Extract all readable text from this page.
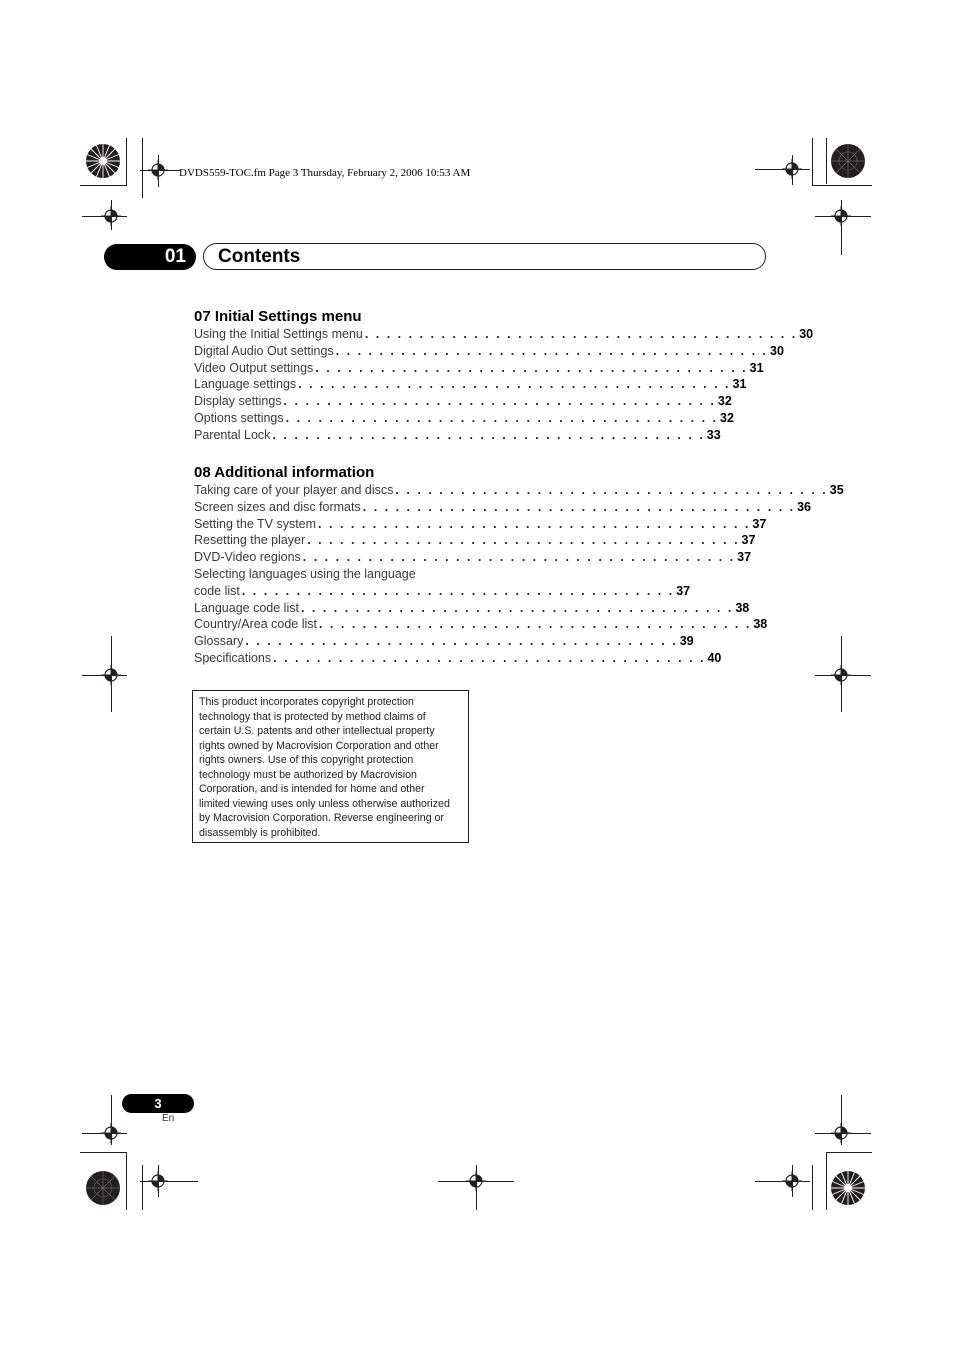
DVDS559-TOC.fm Page 3 Thursday, February 2, 2006 10:53 AM
01	Contents
07 Initial Settings menu
Using the Initial Settings menu . . . . . . . . . . . . . . . . . . . . . . . . . . . . . . . . . . . . . . . . 30
Digital Audio Out settings . . . . . . . . . . . . . . . . . . . . . . . . . . . . . . . . . . . . . . . . 30
Video Output settings . . . . . . . . . . . . . . . . . . . . . . . . . . . . . . . . . . . . . . . . 31
Language settings . . . . . . . . . . . . . . . . . . . . . . . . . . . . . . . . . . . . . . . . 31
Display settings . . . . . . . . . . . . . . . . . . . . . . . . . . . . . . . . . . . . . . . . 32
Options settings . . . . . . . . . . . . . . . . . . . . . . . . . . . . . . . . . . . . . . . . 32
Parental Lock . . . . . . . . . . . . . . . . . . . . . . . . . . . . . . . . . . . . . . . . 33
08 Additional information
Taking care of your player and discs . . . . . . . . . . . . . . . . . . . . . . . . . . . . . . . . . . . . . . . . 35
Screen sizes and disc formats . . . . . . . . . . . . . . . . . . . . . . . . . . . . . . . . . . . . . . . . 36
Setting the TV system . . . . . . . . . . . . . . . . . . . . . . . . . . . . . . . . . . . . . . . . 37
Resetting the player . . . . . . . . . . . . . . . . . . . . . . . . . . . . . . . . . . . . . . . . 37
DVD-Video regions . . . . . . . . . . . . . . . . . . . . . . . . . . . . . . . . . . . . . . . . 37
Selecting languages using the language
code list . . . . . . . . . . . . . . . . . . . . . . . . . . . . . . . . . . . . . . . . 37
Language code list . . . . . . . . . . . . . . . . . . . . . . . . . . . . . . . . . . . . . . . . 38
Country/Area code list . . . . . . . . . . . . . . . . . . . . . . . . . . . . . . . . . . . . . . . . 38
Glossary . . . . . . . . . . . . . . . . . . . . . . . . . . . . . . . . . . . . . . . . 39
Specifications . . . . . . . . . . . . . . . . . . . . . . . . . . . . . . . . . . . . . . . . 40
This product incorporates copyright protection
technology that is protected by method claims of
certain U.S. patents and other intellectual property
rights owned by Macrovision Corporation and other
rights owners. Use of this copyright protection
technology must be authorized by Macrovision
Corporation, and is intended for home and other
limited viewing uses only unless otherwise authorized
by Macrovision Corporation. Reverse engineering or
disassembly is prohibited.
3
En
